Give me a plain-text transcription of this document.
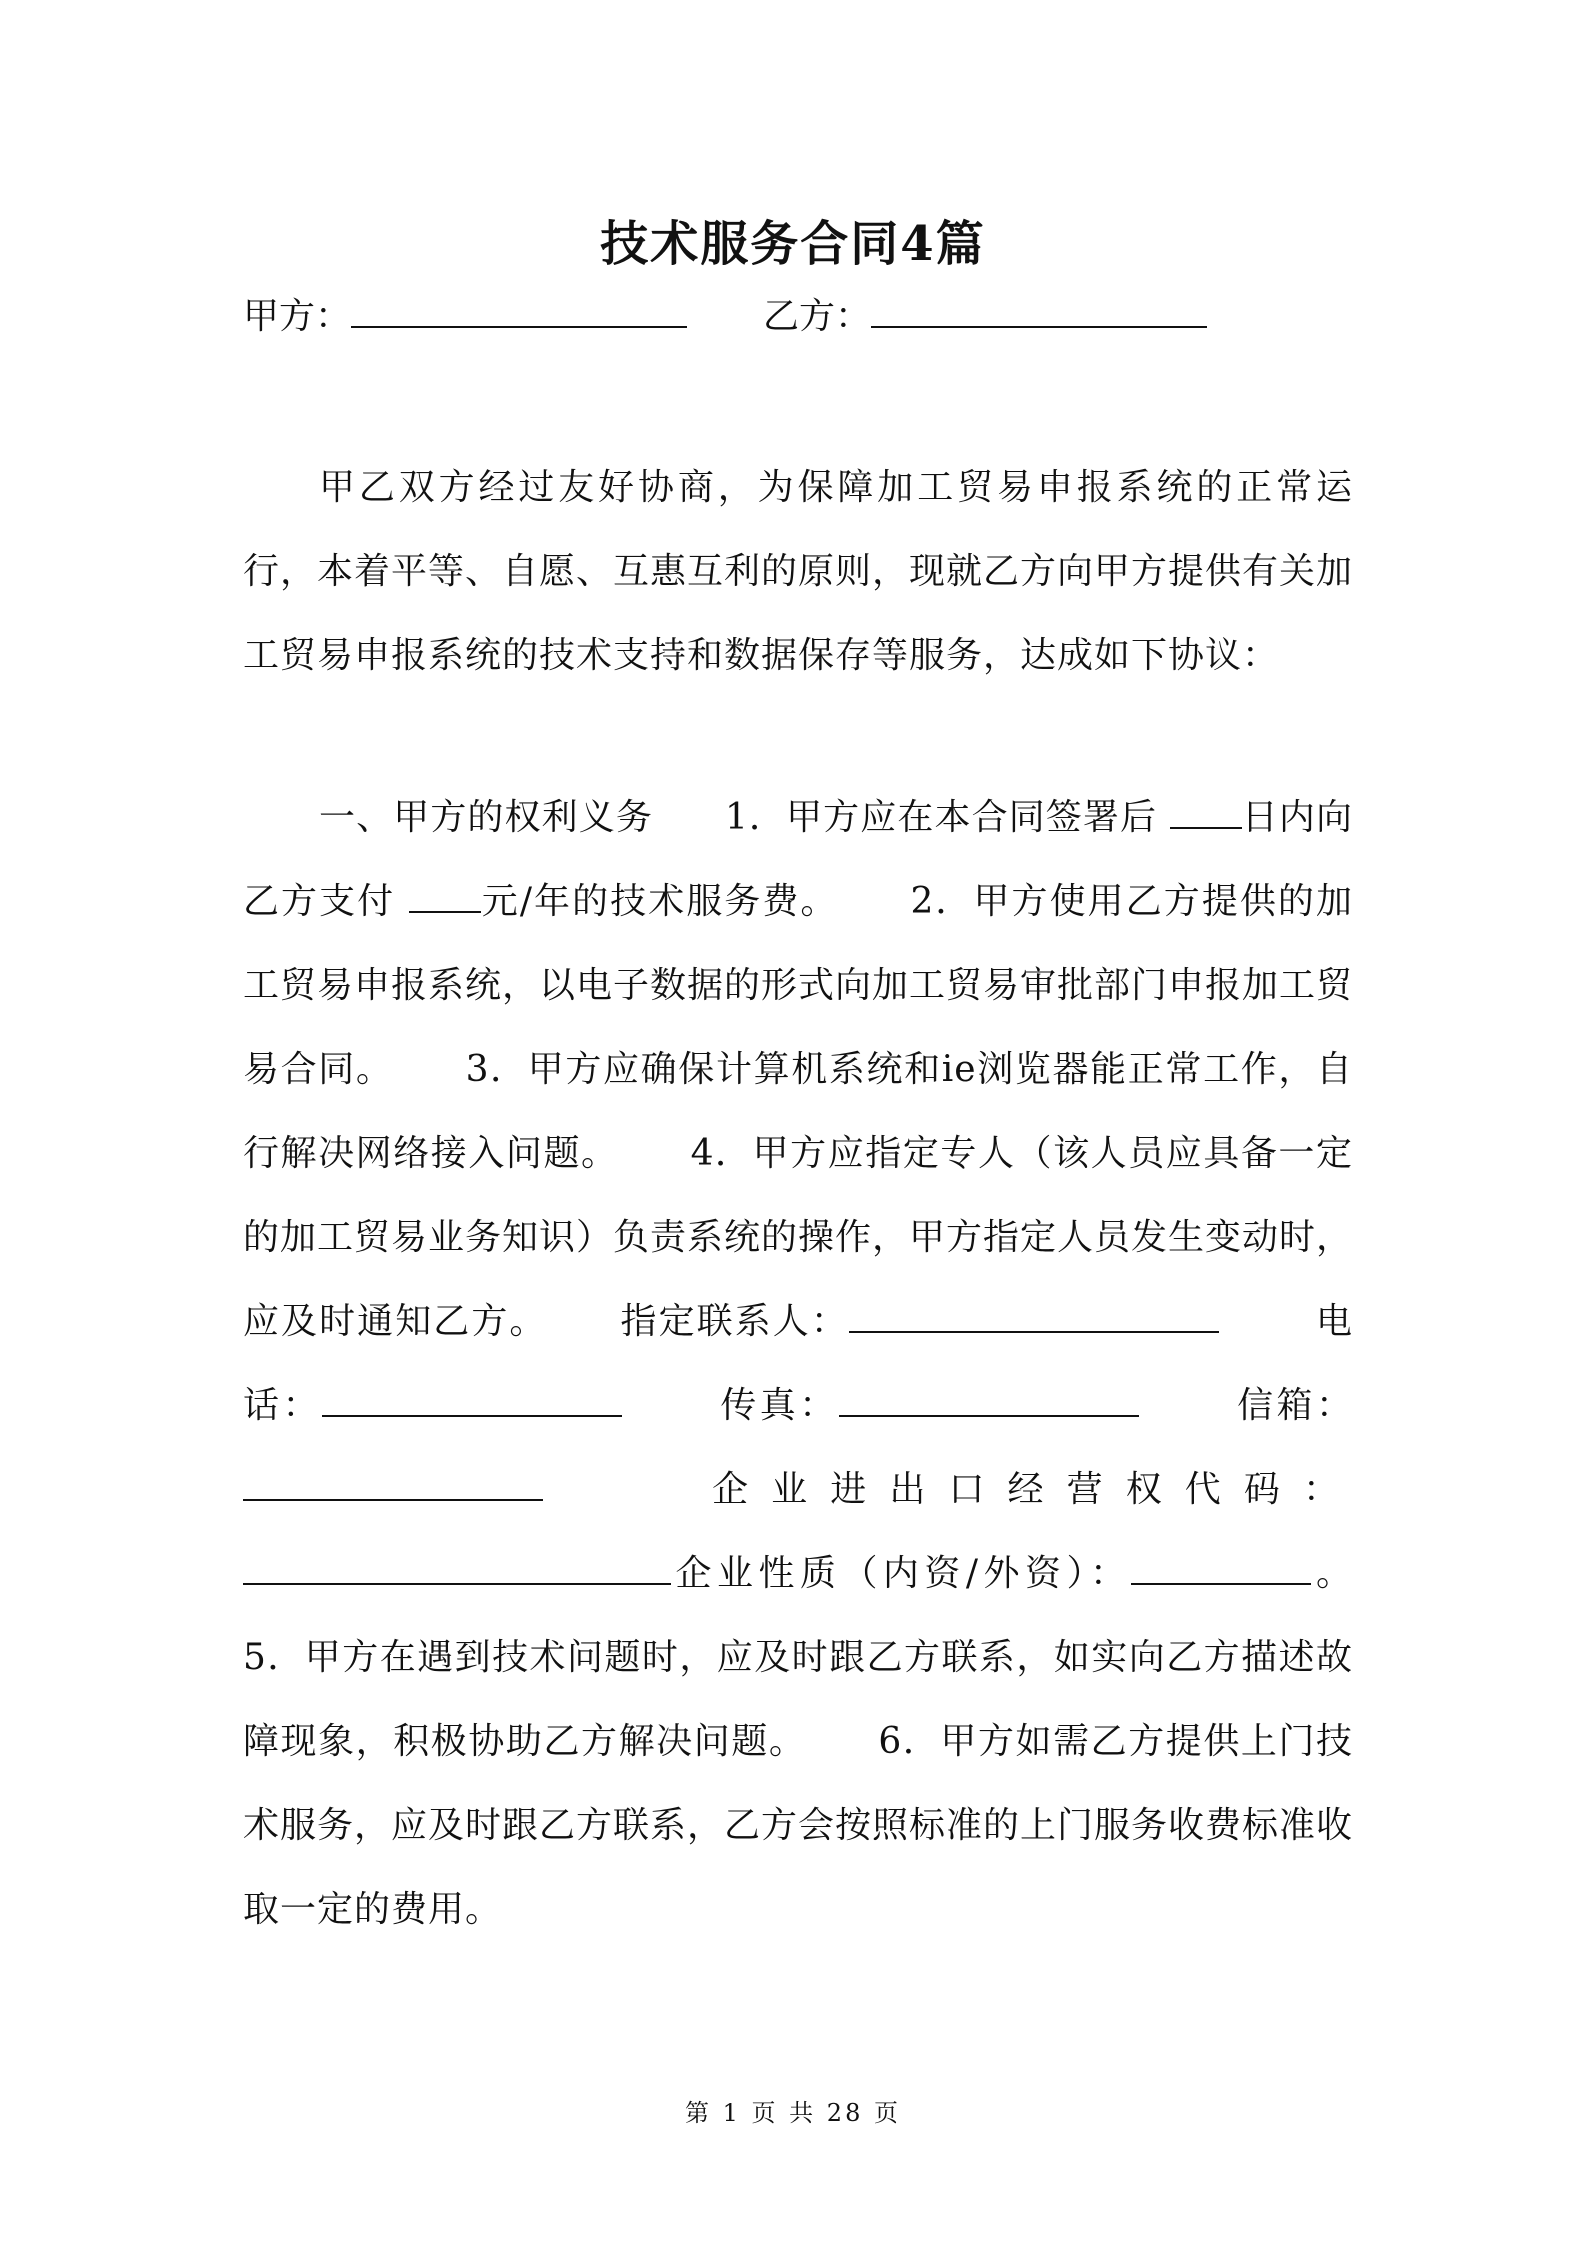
技术服务合同4篇
甲方：	乙方：
甲乙双方经过友好协商，为保障加工贸易申报系统的正常运行，本着平等、自愿、互惠互利的原则，现就乙方向甲方提供有关加工贸易申报系统的技术支持和数据保存等服务，达成如下协议：
一、甲方的权利义务 1．甲方应在本合同签署后 日内向乙方支付 元/年的技术服务费。 2．甲方使用乙方提供的加工贸易申报系统，以电子数据的形式向加工贸易审批部门申报加工贸易合同。 3．甲方应确保计算机系统和ie浏览器能正常工作，自行解决网络接入问题。 4．甲方应指定专人（该人员应具备一定的加工贸易业务知识）负责系统的操作，甲方指定人员发生变动时，应及时通知乙方。 指定联系人：	电话：	传真：	信箱：企业进出口经营权代码：企业性质（内资/外资）：	。 5．甲方在遇到技术问题时，应及时跟乙方联系，如实向乙方描述故障现象，积极协助乙方解决问题。 6．甲方如需乙方提供上门技术服务，应及时跟乙方联系，乙方会按照标准的上门服务收费标准收取一定的费用。
第 1 页 共 28 页
